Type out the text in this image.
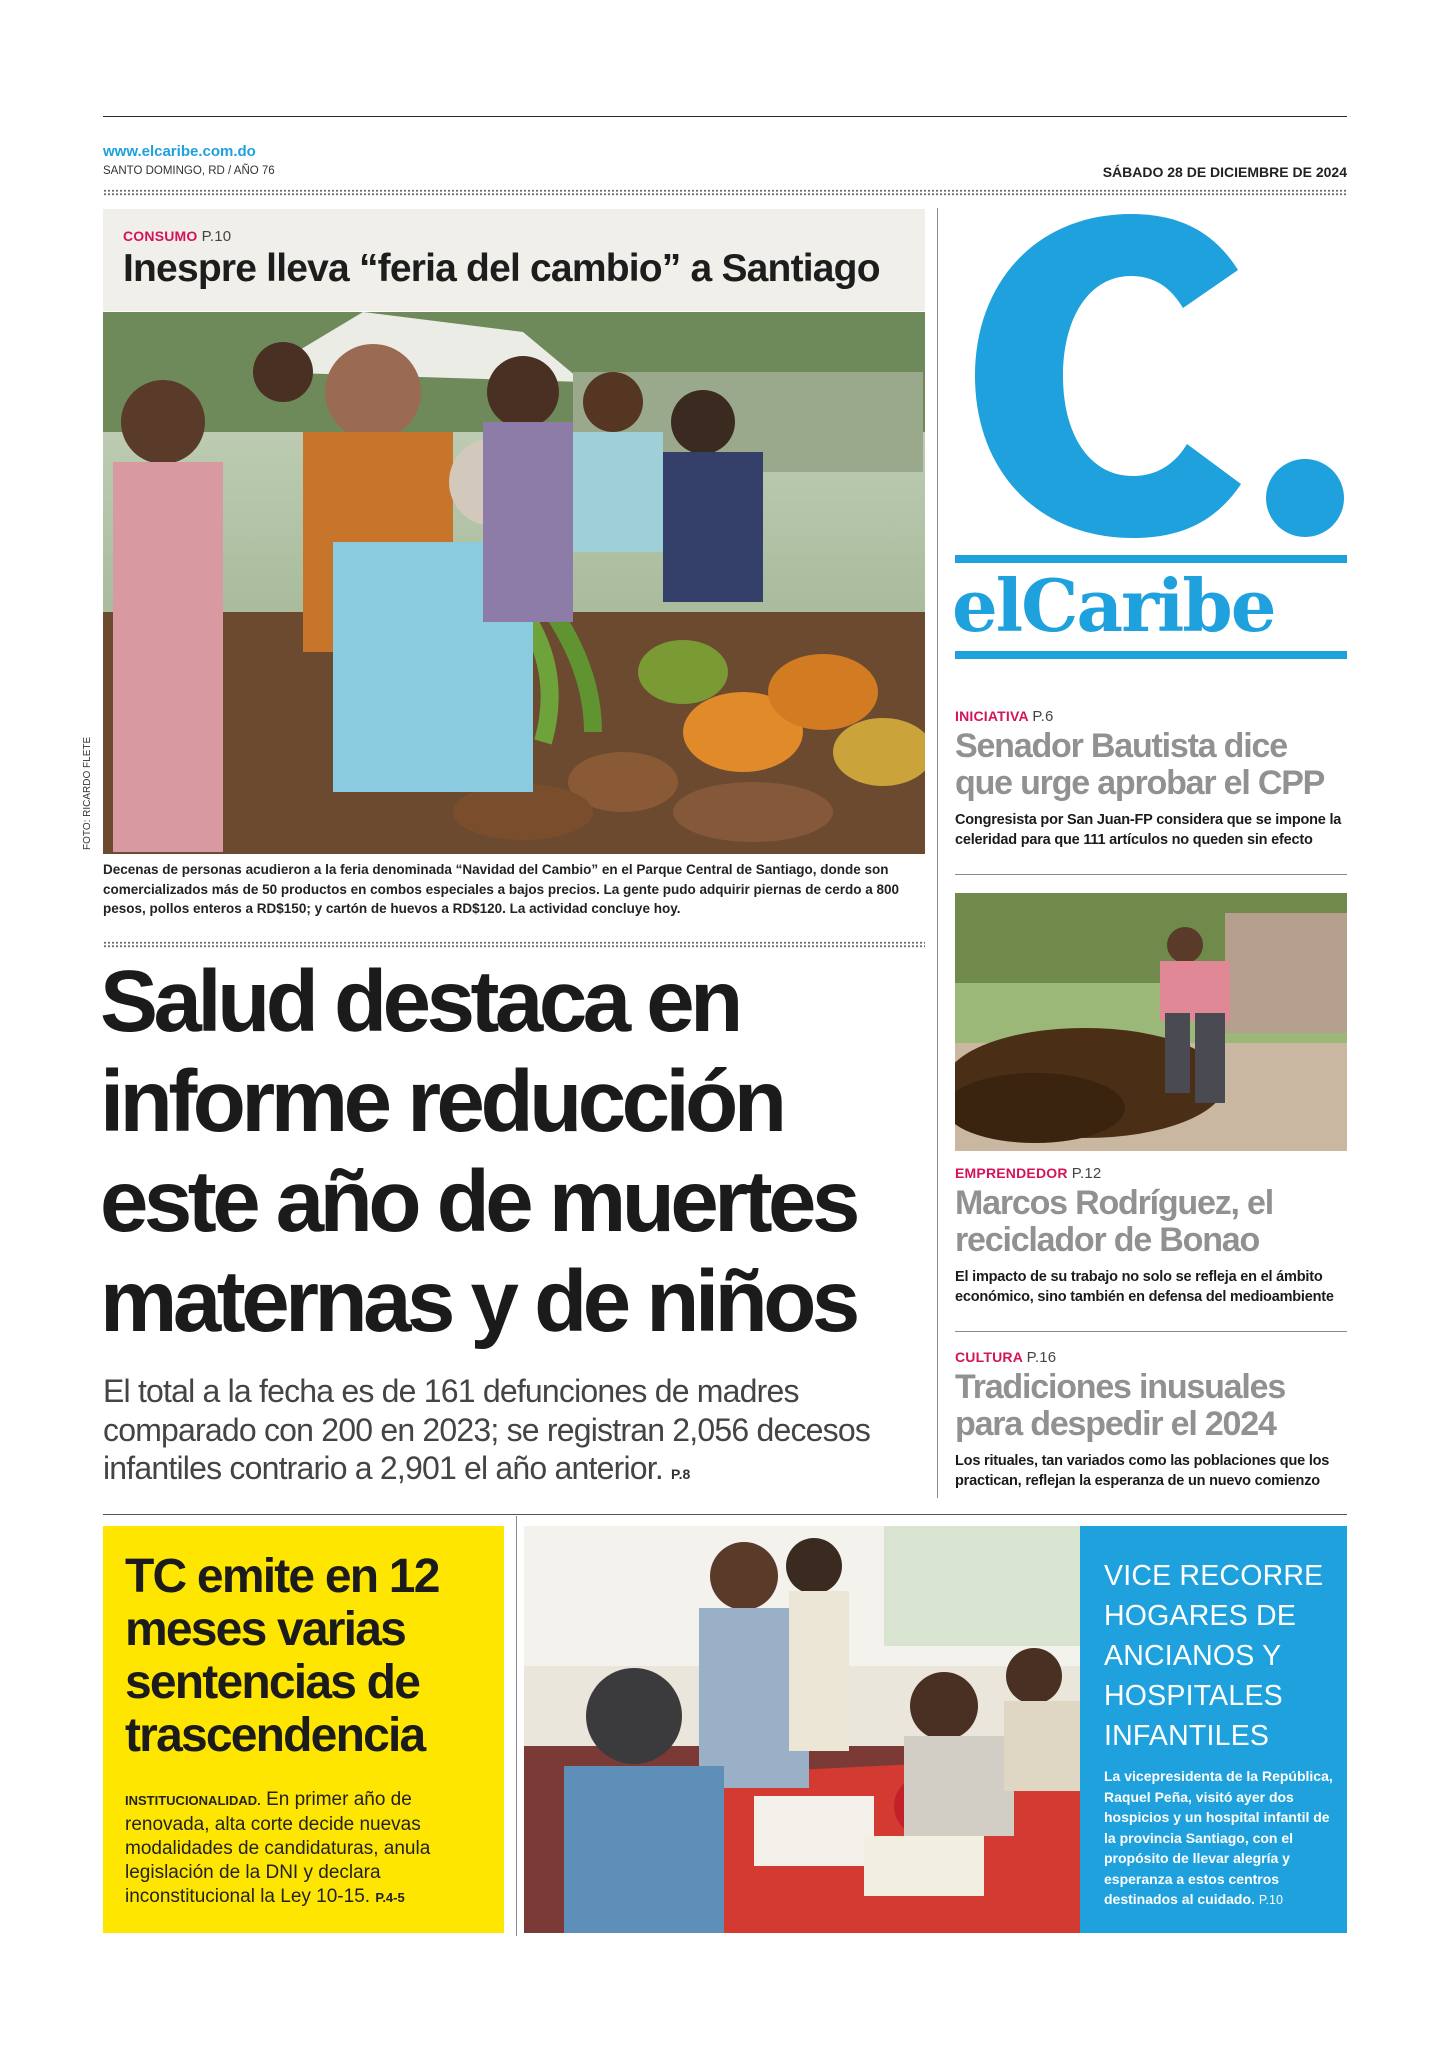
www.elcaribe.com.do
SANTO DOMINGO, RD / AÑO 76	SÁBADO 28 DE DICIEMBRE DE 2024
CONSUMO P.10
Inespre lleva “feria del cambio” a Santiago
FOTO: RICARDO FLETE
Decenas de personas acudieron a la feria denominada “Navidad del Cambio” en el Parque Central de Santiago, donde son comercializados más de 50 productos en combos especiales a bajos precios. La gente pudo adquirir piernas de cerdo a 800 pesos, pollos enteros a RD$150; y cartón de huevos a RD$120. La actividad concluye hoy.
Salud destaca en
informe reducción
este año de muertes
maternas y de niños
El total a la fecha es de 161 defunciones de madres comparado con 200 en 2023; se registran 2,056 decesos infantiles contrario a 2,901 el año anterior. P.8
elCaribe
INICIATIVA P.6
Senador Bautista dice que urge aprobar el CPP
Congresista por San Juan-FP considera que se impone la celeridad para que 111 artículos no queden sin efecto
EMPRENDEDOR P.12
Marcos Rodríguez, el reciclador de Bonao
El impacto de su trabajo no solo se refleja en el ámbito económico, sino también en defensa del medioambiente
CULTURA P.16
Tradiciones inusuales para despedir el 2024
Los rituales, tan variados como las poblaciones que los practican, reflejan la esperanza de un nuevo comienzo
TC emite en 12 meses varias sentencias de trascendencia
INSTITUCIONALIDAD. En primer año de renovada, alta corte decide nuevas modalidades de candidaturas, anula legislación de la DNI y declara inconstitucional la Ley 10-15. P.4-5
VICE RECORRE HOGARES DE ANCIANOS Y HOSPITALES INFANTILES
La vicepresidenta de la República, Raquel Peña, visitó ayer dos hospicios y un hospital infantil de la provincia Santiago, con el propósito de llevar alegría y esperanza a estos centros destinados al cuidado. P.10
